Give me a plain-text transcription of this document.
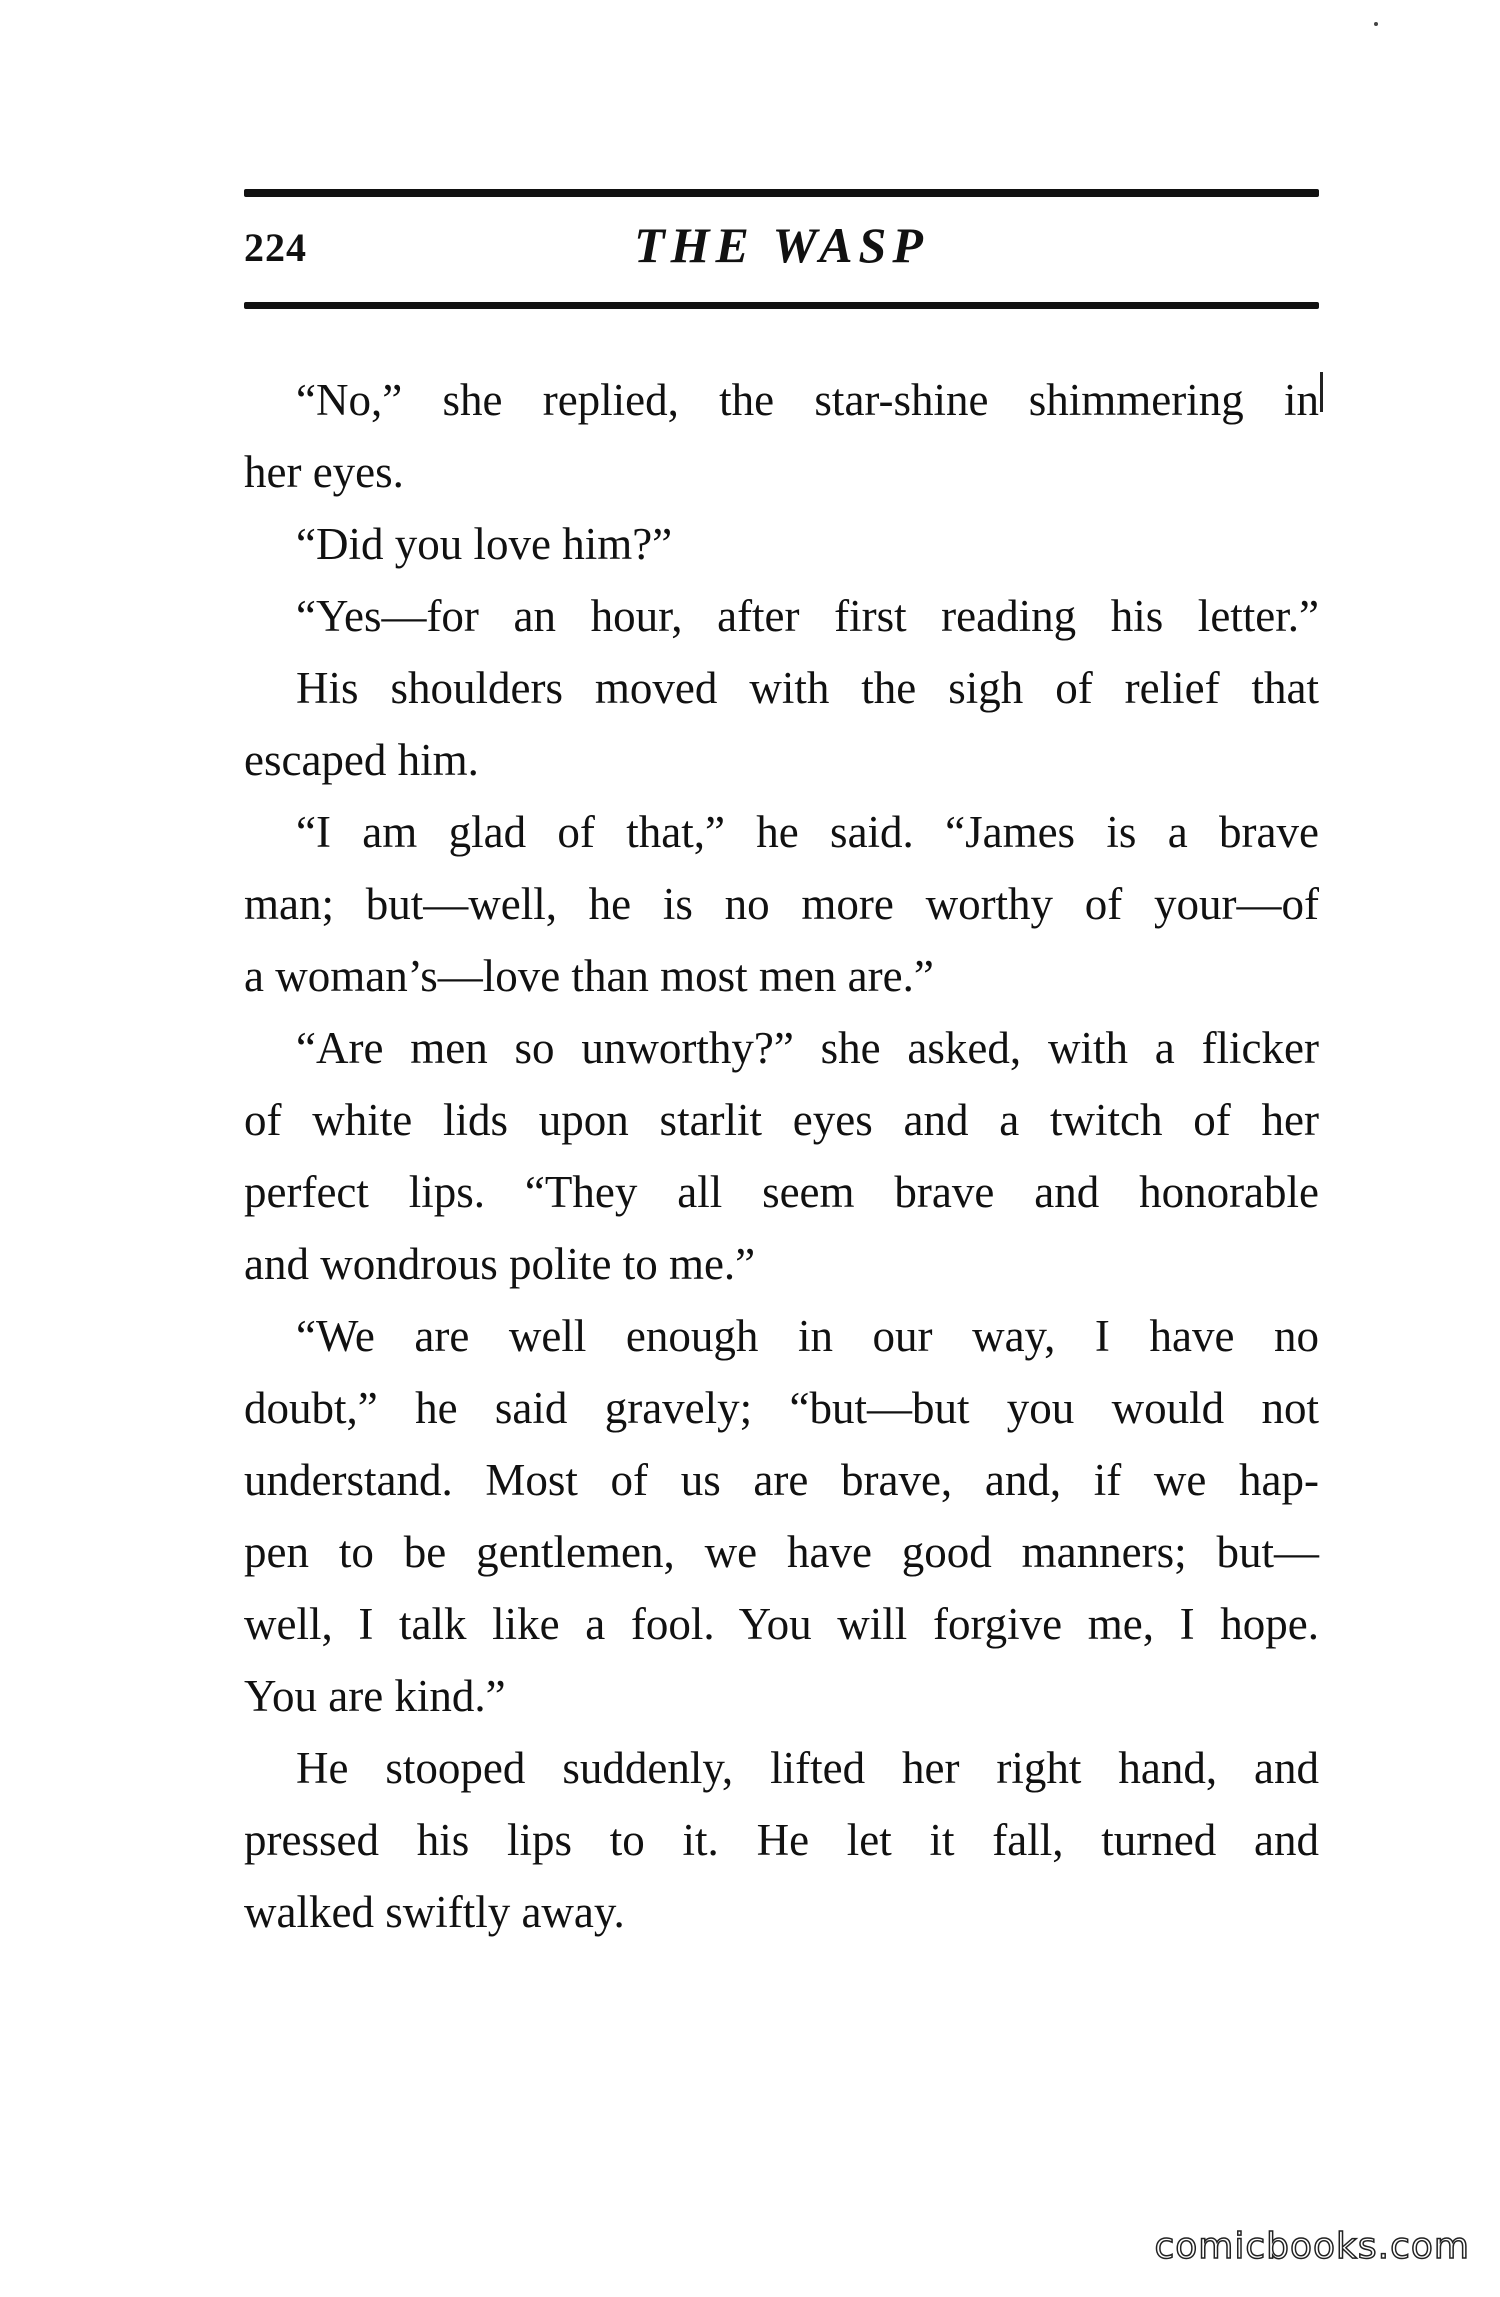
224	THE WASP
“No,” she replied, the star-shine shimmering in
her eyes.
“Did you love him?”
“Yes—for an hour, after first reading his letter.”
His shoulders moved with the sigh of relief that
escaped him.
“I am glad of that,” he said. “James is a brave
man; but—well, he is no more worthy of your—of
a woman’s—love than most men are.”
“Are men so unworthy?” she asked, with a flicker
of white lids upon starlit eyes and a twitch of her
perfect lips. “They all seem brave and honorable
and wondrous polite to me.”
“We are well enough in our way, I have no
doubt,” he said gravely; “but—but you would not
understand. Most of us are brave, and, if we hap-
pen to be gentlemen, we have good manners; but—
well, I talk like a fool. You will forgive me, I hope.
You are kind.”
He stooped suddenly, lifted her right hand, and
pressed his lips to it. He let it fall, turned and
walked swiftly away.
comicbooks.com
